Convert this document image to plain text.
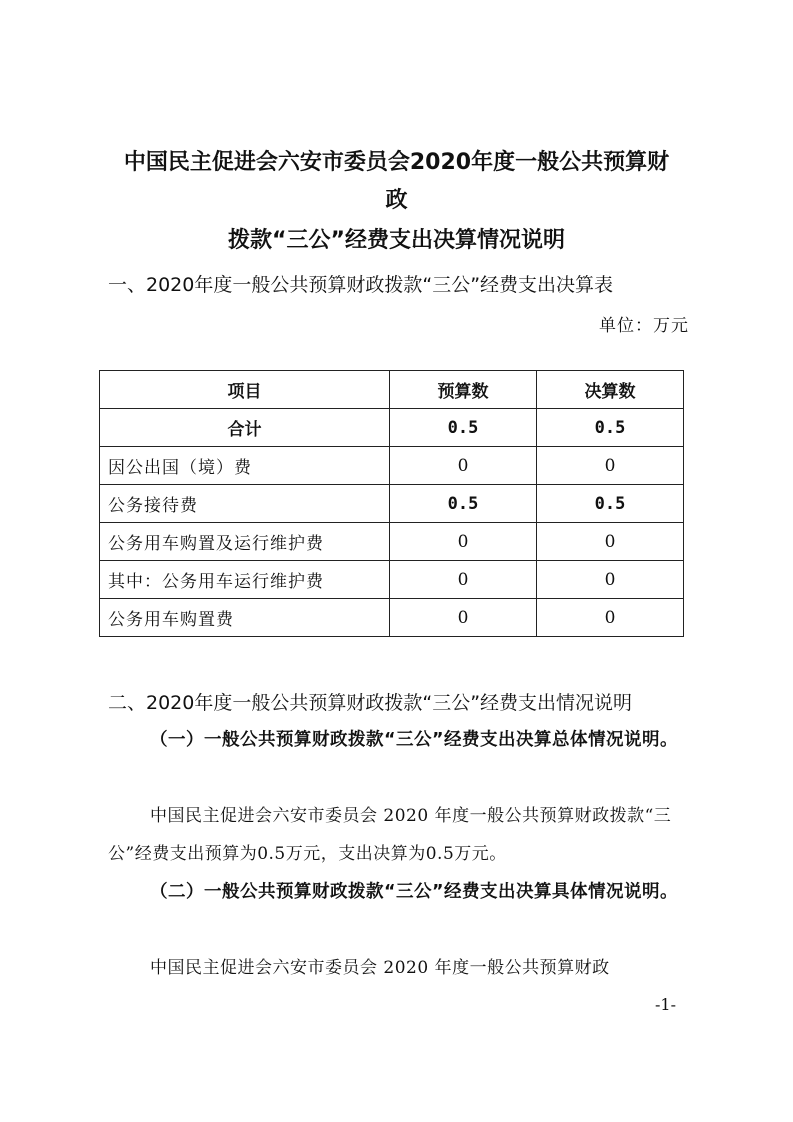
中国民主促进会六安市委员会2020年度一般公共预算财
政
拨款“三公”经费支出决算情况说明
一、2020年度一般公共预算财政拨款“三公”经费支出决算表
单位：万元
项目	预算数	决算数
合计	0.5	0.5
因公出国（境）费	0	0
公务接待费	0.5	0.5
公务用车购置及运行维护费	0	0
其中：公务用车运行维护费	0	0
公务用车购置费	0	0
二、2020年度一般公共预算财政拨款“三公”经费支出情况说明
（一）一般公共预算财政拨款“三公”经费支出决算总体情况说明。
中国民主促进会六安市委员会 2020 年度一般公共预算财政拨款“三公”经费支出预算为0.5万元，支出决算为0.5万元。
（二）一般公共预算财政拨款“三公”经费支出决算具体情况说明。
中国民主促进会六安市委员会 2020 年度一般公共预算财政
-1-
